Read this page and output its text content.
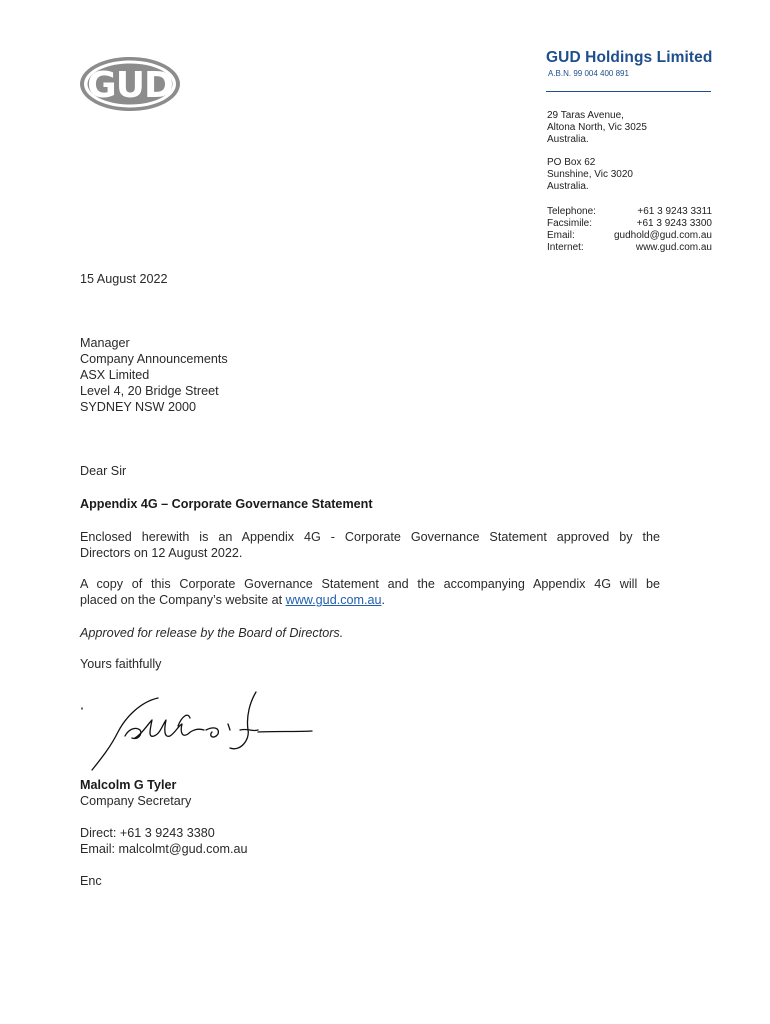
GUD
GUD Holdings Limited
A.B.N. 99 004 400 891
29 Taras Avenue,
Altona North, Vic 3025
Australia.
PO Box 62
Sunshine, Vic 3020
Australia.
Telephone:	+61 3 9243 3311
Facsimile:	+61 3 9243 3300
Email:	gudhold@gud.com.au
Internet:	www.gud.com.au
15 August 2022
Manager
Company Announcements
ASX Limited
Level 4, 20 Bridge Street
SYDNEY NSW 2000
Dear Sir
Appendix 4G – Corporate Governance Statement
Enclosed herewith is an Appendix 4G - Corporate Governance Statement approved by the
Directors on 12 August 2022.
A copy of this Corporate Governance Statement and the accompanying Appendix 4G will be
placed on the Company’s website at www.gud.com.au.
Approved for release by the Board of Directors.
Yours faithfully
Malcolm G Tyler
Company Secretary
Direct: +61 3 9243 3380
Email: malcolmt@gud.com.au
Enc
